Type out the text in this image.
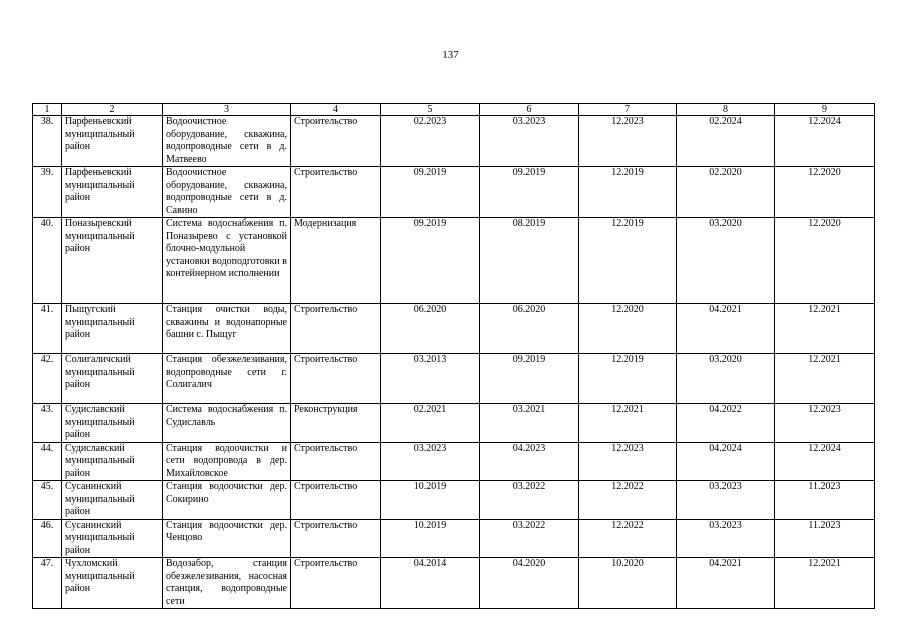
137
1	2	3	4	5	6	7	8	9
38.	Парфеньевский муниципальный район	Водоочистное оборудование, скважина, водопроводные сети в д. Матвеево	Строительство	02.2023	03.2023	12.2023	02.2024	12.2024
39.	Парфеньевский муниципальный район	Водоочистное оборудование, скважина, водопроводные сети в д. Савино	Строительство	09.2019	09.2019	12.2019	02.2020	12.2020
40.	Поназыревский муниципальный район	Система водоснабжения п. Поназырево с установкой блочно-модульной установки водоподготовки в контейнерном исполнении	Модернизация	09.2019	08.2019	12.2019	03.2020	12.2020
41.	Пыщугский муниципальный район	Станция очистки воды, скважины и водонапорные башни с. Пыщуг	Строительство	06.2020	06.2020	12.2020	04.2021	12.2021
42.	Солигаличский муниципальный район	Станция обезжелезивания, водопроводные сети г. Солигалич	Строительство	03.2013	09.2019	12.2019	03.2020	12.2021
43.	Судиславский муниципальный район	Система водоснабжения п. Судиславль	Реконструкция	02.2021	03.2021	12.2021	04.2022	12.2023
44.	Судиславский муниципальный район	Станция водоочистки и сети водопровода в дер. Михайловское	Строительство	03.2023	04.2023	12.2023	04.2024	12.2024
45.	Сусанинский муниципальный район	Станция водоочистки дер. Сокирино	Строительство	10.2019	03.2022	12.2022	03.2023	11.2023
46.	Сусанинский муниципальный район	Станция водоочистки дер. Ченцово	Строительство	10.2019	03.2022	12.2022	03.2023	11.2023
47.	Чухломский муниципальный район	Водозабор, станция обезжелезивания, насосная станция, водопроводные сети	Строительство	04.2014	04.2020	10.2020	04.2021	12.2021
